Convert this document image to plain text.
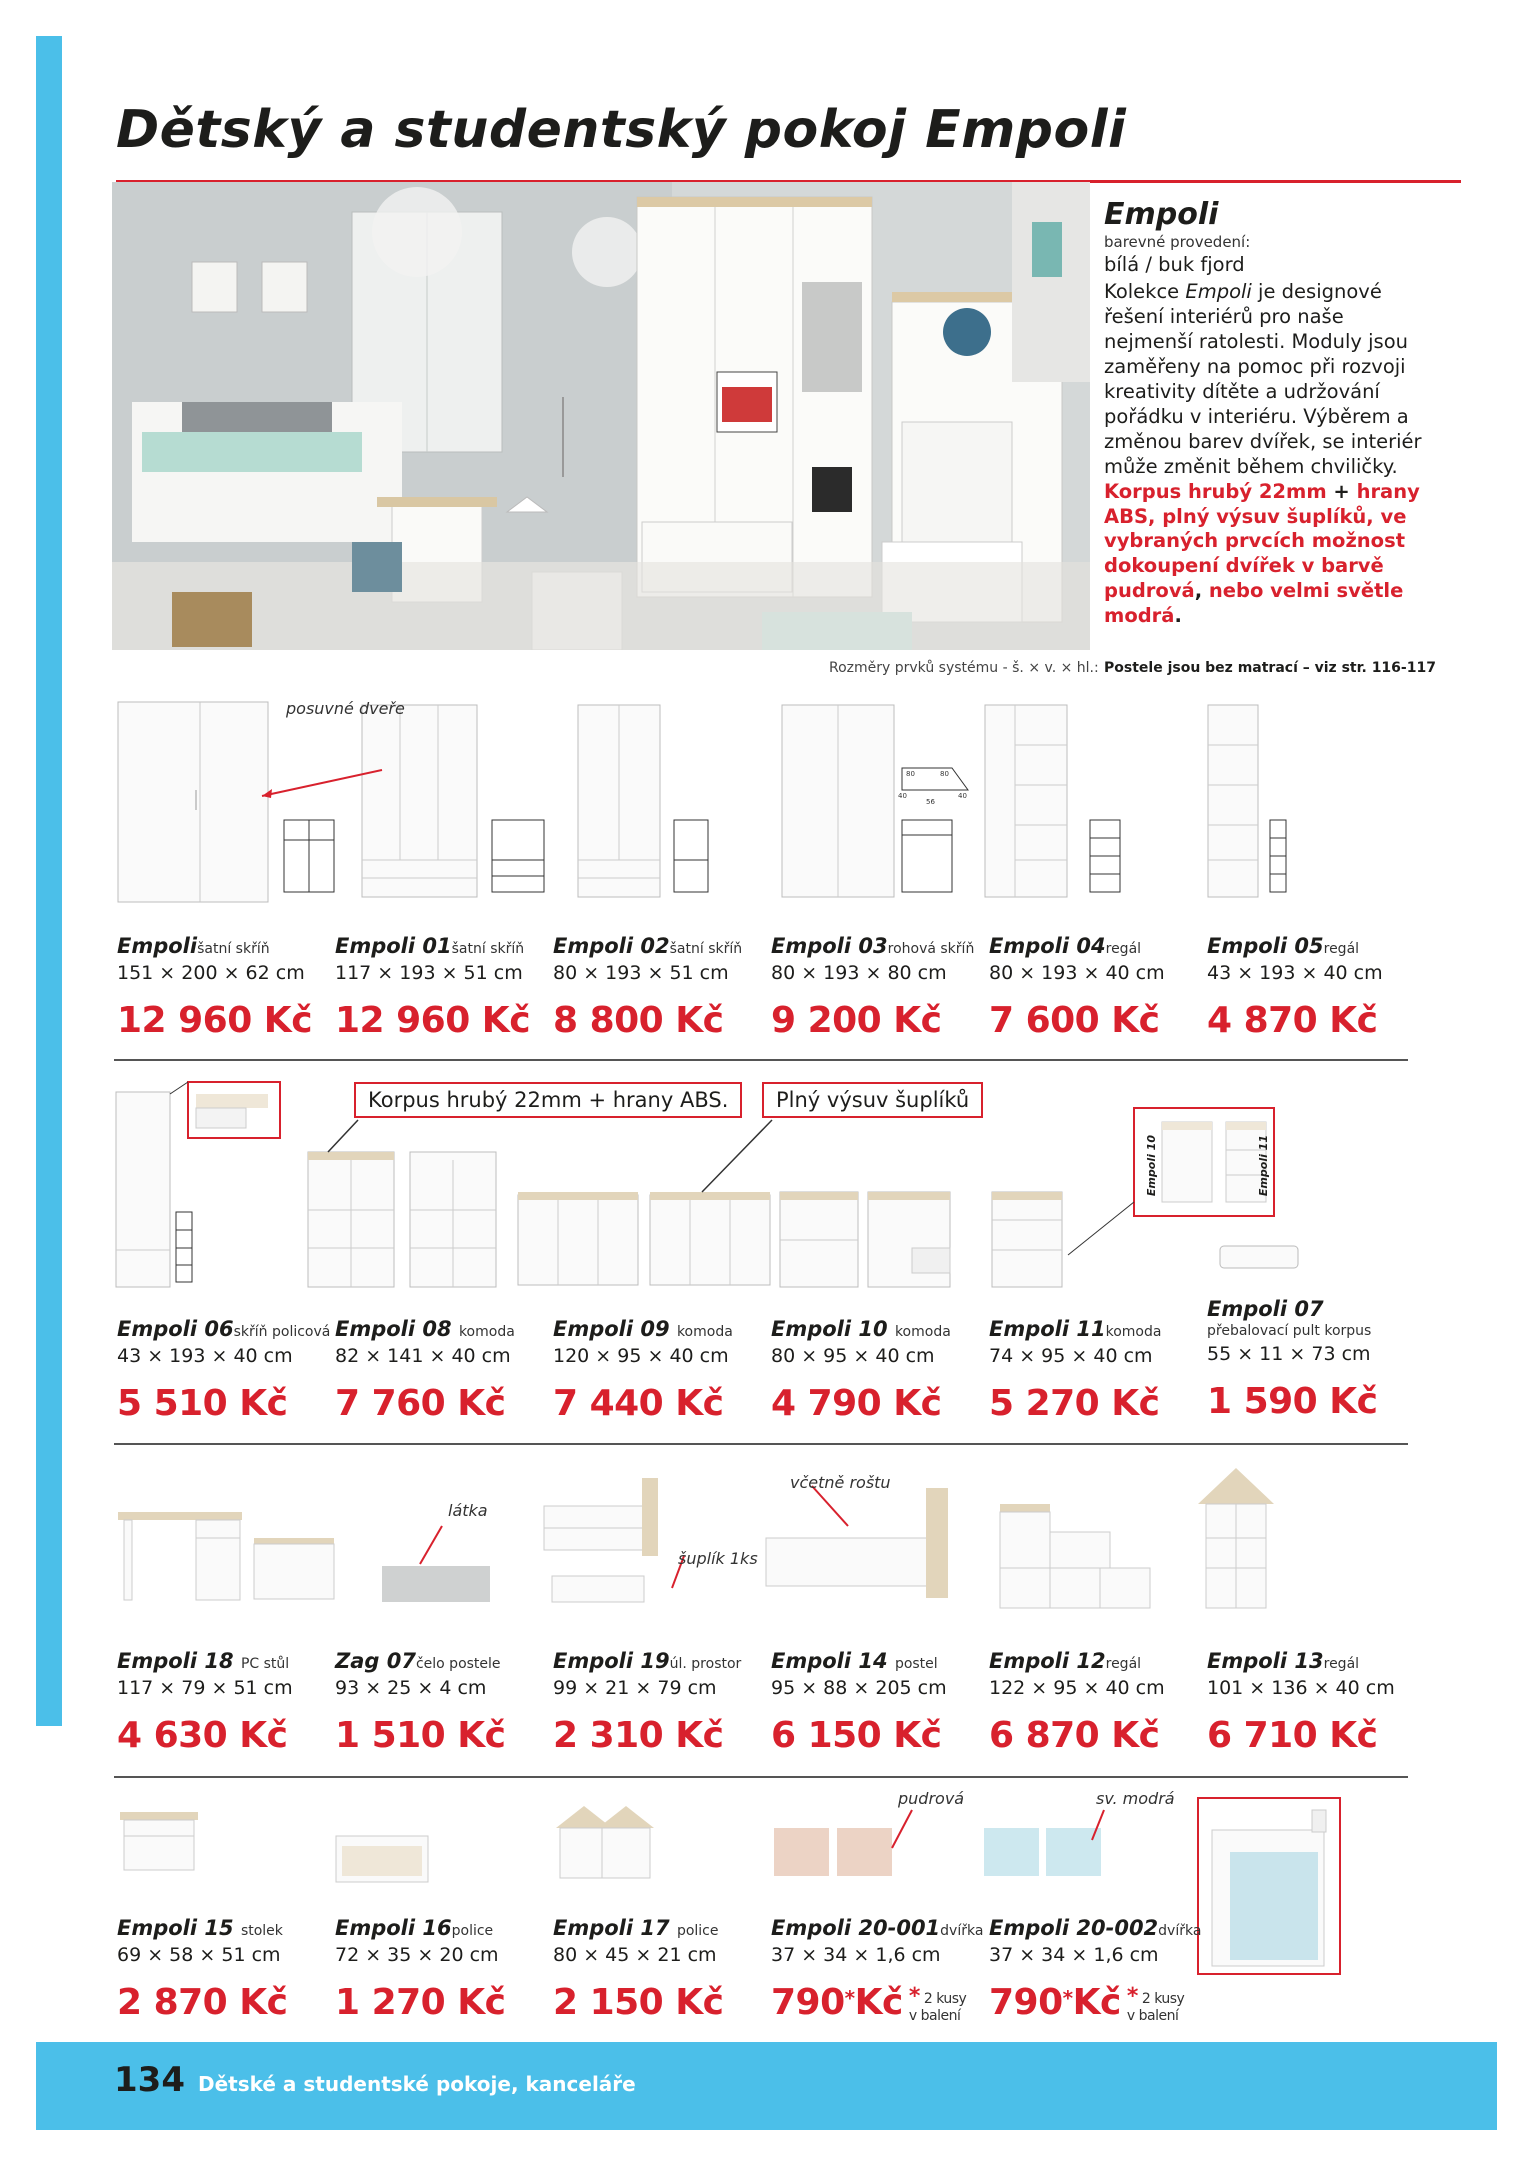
Dětský a studentský pokoj Empoli
Empoli
barevné provedení:
bílá / buk fjord
Kolekce Empoli je designové řešení interiérů pro naše nejmenší ratolesti. Moduly jsou zaměřeny na pomoc při rozvoji kreativity dítěte a udržování pořádku v interiéru. Výběrem a změnou barev dvířek, se interiér může změnit během chviličky.
Korpus hrubý 22mm + hrany ABS, plný výsuv šuplíků, ve vybraných prvcích možnost dokoupení dvířek v barvě pudrová, nebo velmi světle modrá.
Rozměry prvků systému - š. × v. × hl.: Postele jsou bez matrací – viz str. 116-117
80	80
40	40
56
posuvné dveře
Empolišatní skříň
151 × 200 × 62 cm
12 960 Kč
Empoli 01šatní skříň
117 × 193 × 51 cm
12 960 Kč
Empoli 02šatní skříň
80 × 193 × 51 cm
8 800 Kč
Empoli 03rohová skříň
80 × 193 × 80 cm
9 200 Kč
Empoli 04regál
80 × 193 × 40 cm
7 600 Kč
Empoli 05regál
43 × 193 × 40 cm
4 870 Kč
Empoli 10	Empoli 11
Korpus hrubý 22mm + hrany ABS.	Plný výsuv šuplíků
Empoli 06skříň policová
43 × 193 × 40 cm
5 510 Kč
Empoli 08 komoda
82 × 141 × 40 cm
7 760 Kč
Empoli 09 komoda
120 × 95 × 40 cm
7 440 Kč
Empoli 10 komoda
80 × 95 × 40 cm
4 790 Kč
Empoli 11komoda
74 × 95 × 40 cm
5 270 Kč
Empoli 07
přebalovací pult korpus
55 × 11 × 73 cm
1 590 Kč
látka
včetně roštu
šuplík 1ks
Empoli 18 PC stůl
117 × 79 × 51 cm
4 630 Kč
Zag 07čelo postele
93 × 25 × 4 cm
1 510 Kč
Empoli 19úl. prostor
99 × 21 × 79 cm
2 310 Kč
Empoli 14 postel
95 × 88 × 205 cm
6 150 Kč
Empoli 12regál
122 × 95 × 40 cm
6 870 Kč
Empoli 13regál
101 × 136 × 40 cm
6 710 Kč
pudrová	sv. modrá
Empoli 15 stolek
69 × 58 × 51 cm
2 870 Kč
Empoli 16police
72 × 35 × 20 cm
1 270 Kč
Empoli 17 police
80 × 45 × 21 cm
2 150 Kč
Empoli 20-001dvířka
37 × 34 × 1,6 cm
790*Kč * 2 kusy
v balení
Empoli 20-002dvířka
37 × 34 × 1,6 cm
790*Kč * 2 kusy
v balení
134 Dětské a studentské pokoje, kanceláře
